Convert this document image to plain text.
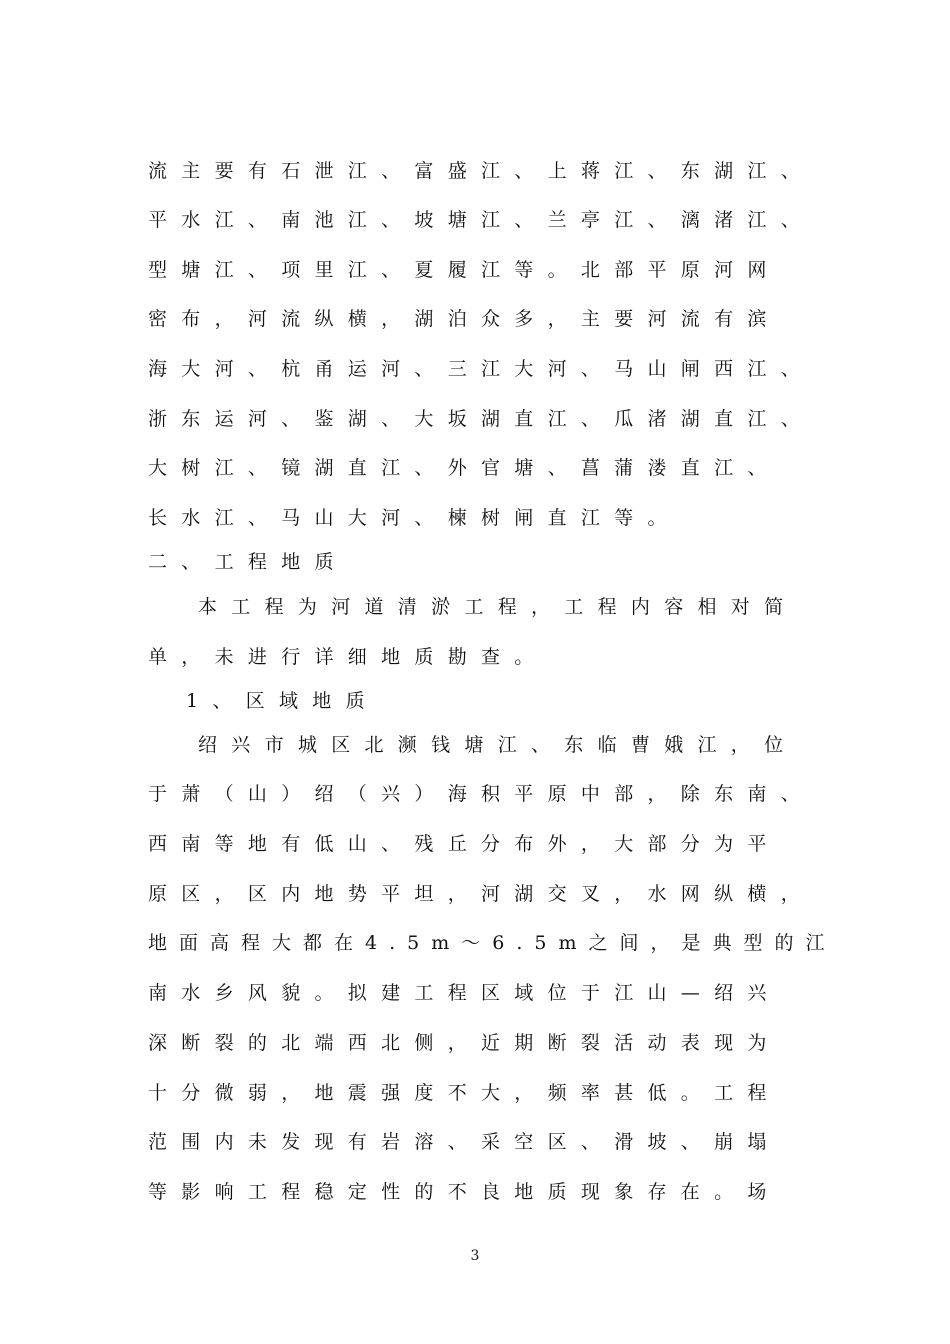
流主要有石泄江、富盛江、上蒋江、东湖江、
平水江、南池江、坡塘江、兰亭江、漓渚江、
型塘江、项里江、夏履江等。北部平原河网
密布，河流纵横，湖泊众多，主要河流有滨
海大河、杭甬运河、三江大河、马山闸西江、
浙东运河、鉴湖、大坂湖直江、瓜渚湖直江、
大树江、镜湖直江、外官塘、菖蒲溇直江、
长水江、马山大河、楝树闸直江等。
二、工程地质
本工程为河道清淤工程，工程内容相对简
单，未进行详细地质勘查。
1、区域地质
绍兴市城区北濒钱塘江、东临曹娥江，位
于萧（山）绍（兴）海积平原中部，除东南、
西南等地有低山、残丘分布外，大部分为平
原区，区内地势平坦，河湖交叉，水网纵横，
地面高程大都在4.5m～6.5m之间，是典型的江
南水乡风貌。拟建工程区域位于江山—绍兴
深断裂的北端西北侧，近期断裂活动表现为
十分微弱，地震强度不大，频率甚低。工程
范围内未发现有岩溶、采空区、滑坡、崩塌
等影响工程稳定性的不良地质现象存在。场
3
